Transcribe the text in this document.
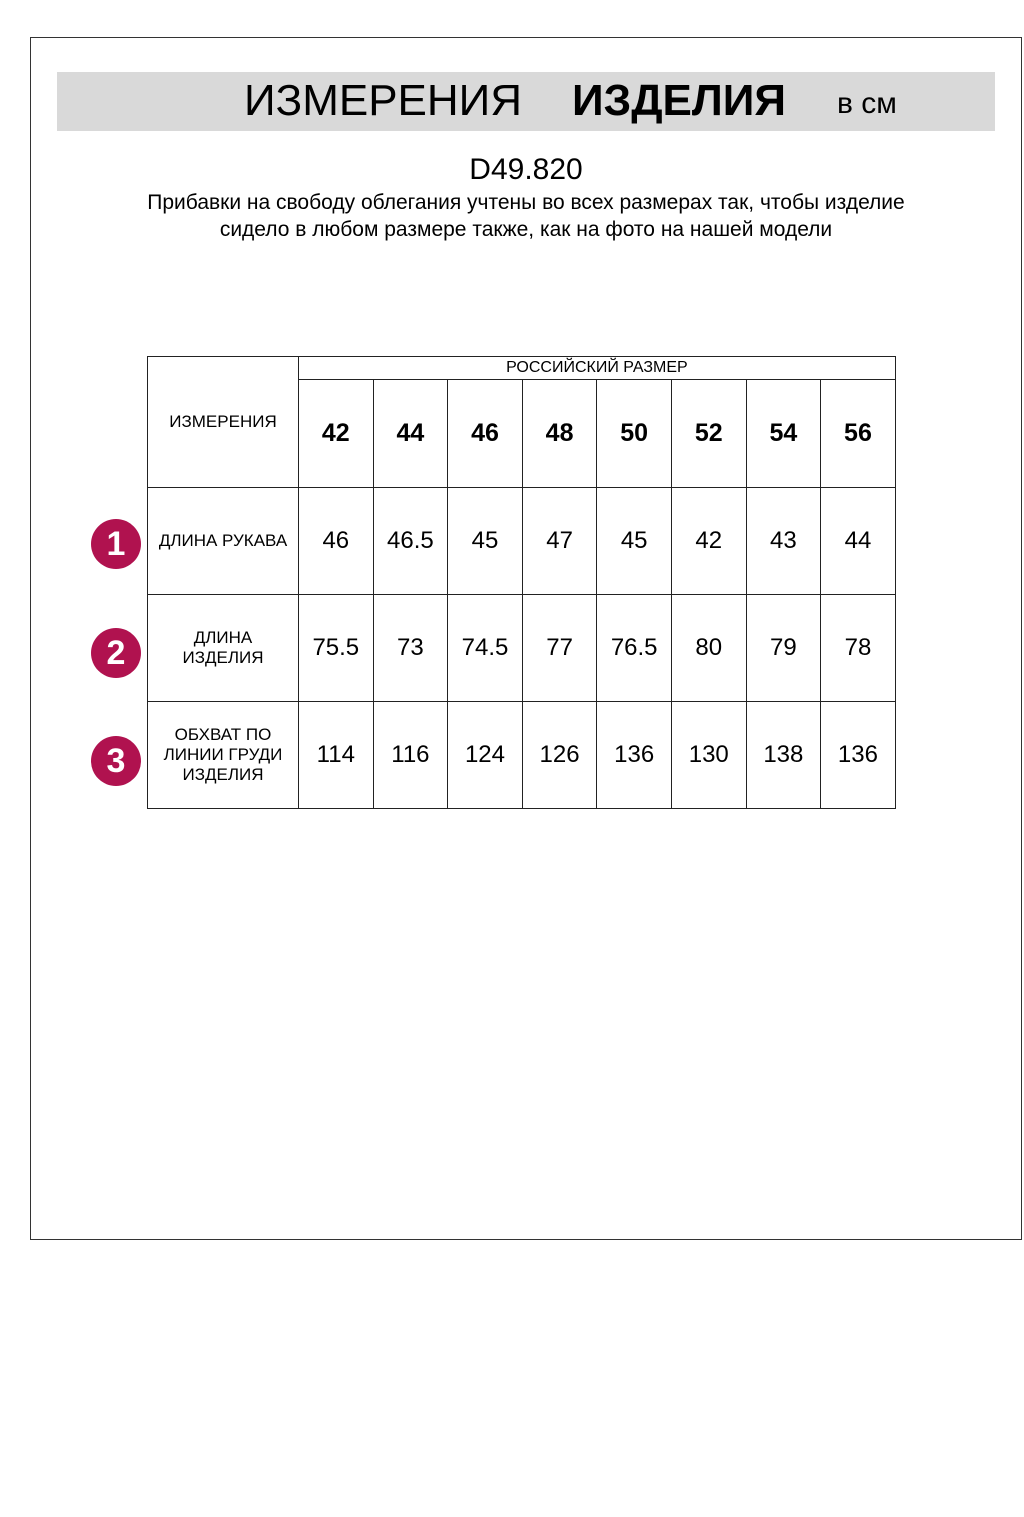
ИЗМЕРЕНИЯ ИЗДЕЛИЯ в см
D49.820
Прибавки на свободу облегания учтены во всех размерах так, чтобы изделие сидело в любом размере также, как на фото на нашей модели
1
2
3
ИЗМЕРЕНИЯ	РОССИЙСКИЙ РАЗМЕР							
	42	44	46	48	50	52	54	56
ДЛИНА РУКАВА	46	46.5	45	47	45	42	43	44
ДЛИНА ИЗДЕЛИЯ	75.5	73	74.5	77	76.5	80	79	78
ОБХВАТ ПО ЛИНИИ ГРУДИ ИЗДЕЛИЯ	114	116	124	126	136	130	138	136
